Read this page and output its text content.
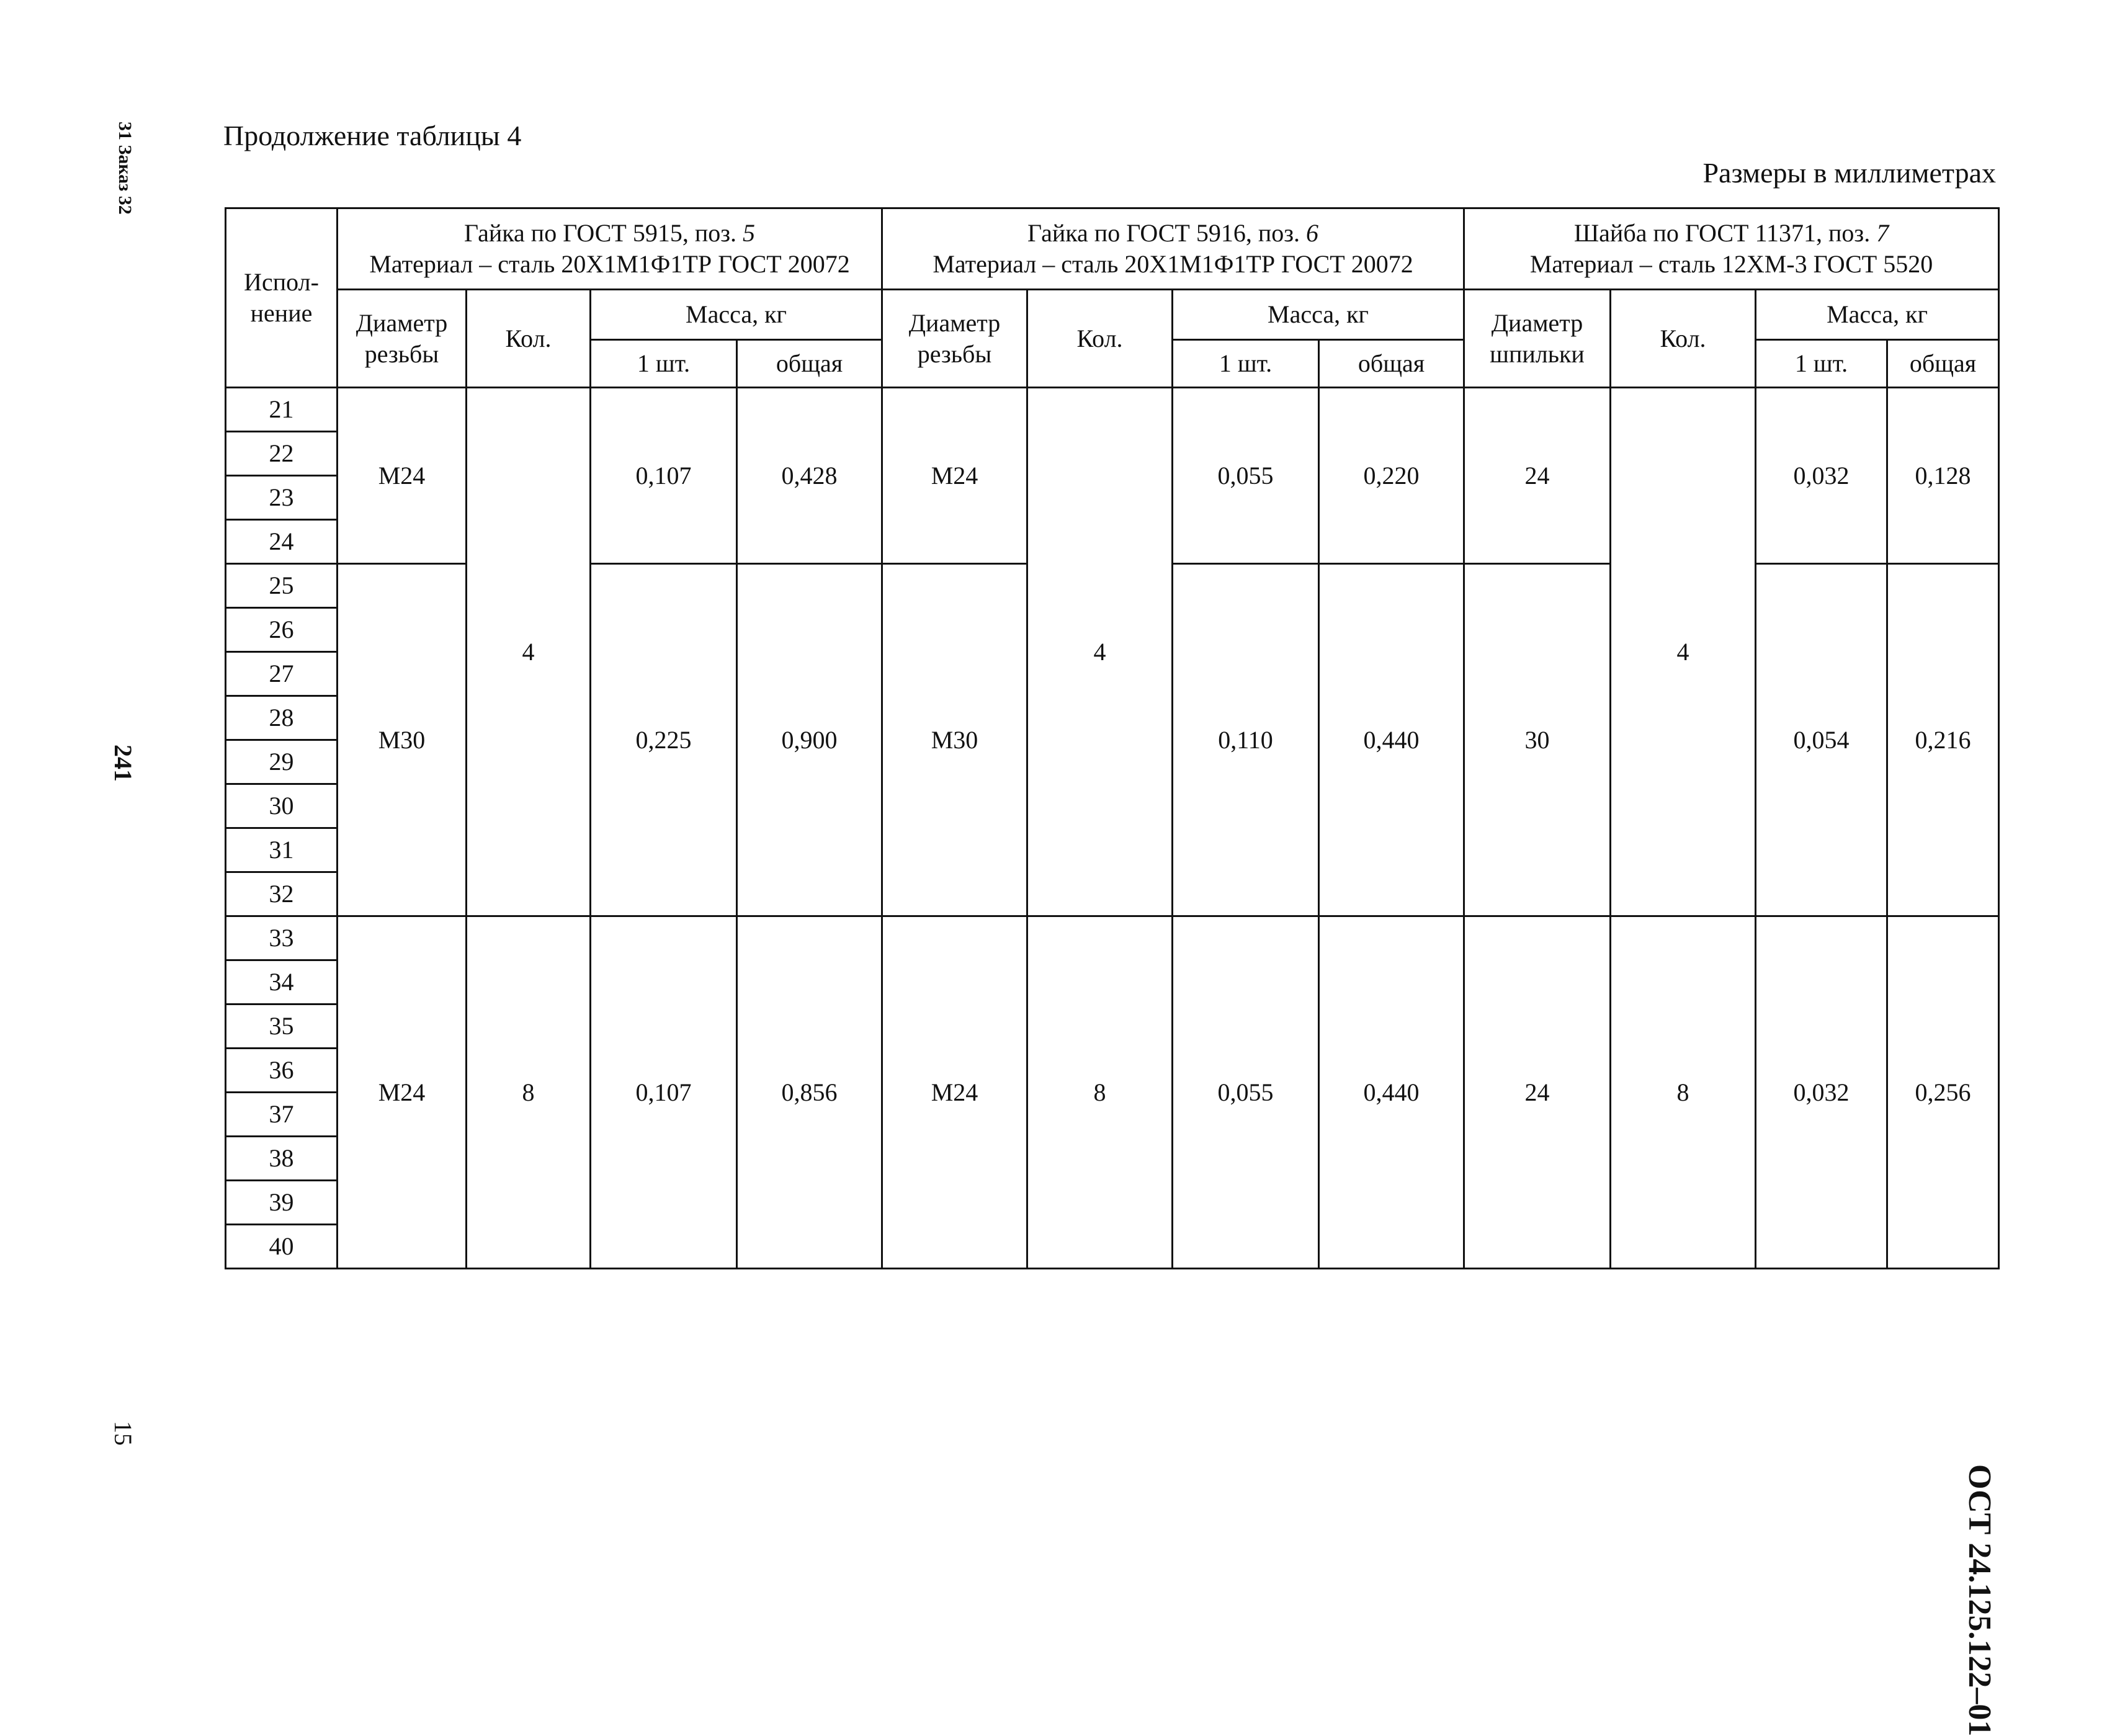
Продолжение таблицы 4
Размеры в миллиметрах
31 Заказ 32
241
15
ОСТ 24.125.122–01
Испол-нение	Гайка по ГОСТ 5915, поз. 5
Материал – сталь 20Х1М1Ф1ТР ГОСТ 20072				Гайка по ГОСТ 5916, поз. 6
Материал – сталь 20Х1М1Ф1ТР ГОСТ 20072				Шайба по ГОСТ 11371, поз. 7
Материал – сталь 12ХМ-3 ГОСТ 5520			

	Диаметр резьбы	Кол.	Масса, кг		Диаметр резьбы	Кол.	Масса, кг		Диаметр шпильки	Кол.	Масса, кг	
			1 шт.	общая			1 шт.	общая			1 шт.	общая
21	М24	4	0,107	0,428	М24	4	0,055	0,220	24	4	0,032	0,128
22												
23												
24												
25	М30		0,225	0,900	М30		0,110	0,440	30		0,054	0,216
26												
27												
28												
29												
30												
31												
32												
33	М24	8	0,107	0,856	М24	8	0,055	0,440	24	8	0,032	0,256
34												
35												
36												
37												
38												
39												
40												
